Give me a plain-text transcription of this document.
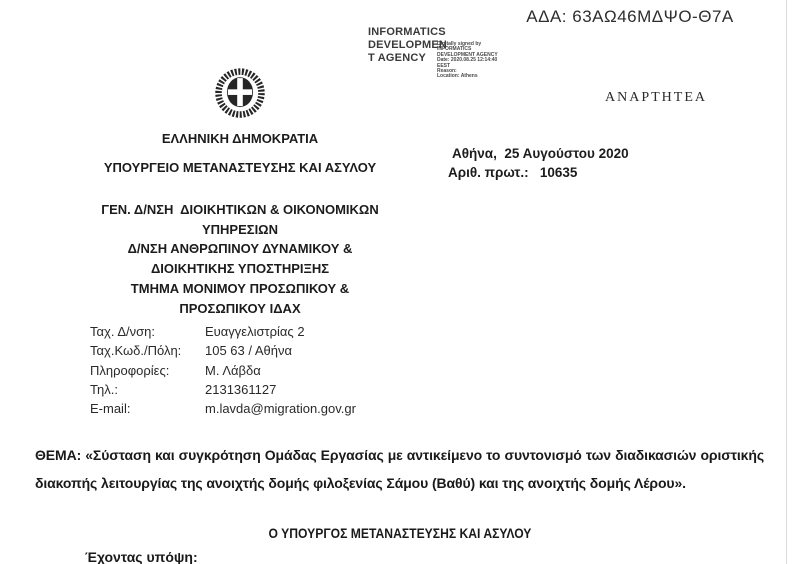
ΑΔΑ: 63ΑΩ46ΜΔΨΟ-Θ7Α
INFORMATICS
DEVELOPMEN
T AGENCY
Digitally signed by
INFORMATICS
DEVELOPMENT AGENCY
Date: 2020.08.25 12:14:40
EEST
Reason:
Location: Athens
ΑΝΑΡΤΗΤΕΑ
ΕΛΛΗΝΙΚΗ ΔΗΜΟΚΡΑΤΙΑ
Αθήνα,  25 Αυγούστου 2020
Αριθ. πρωτ.:   10635
ΥΠΟΥΡΓΕΙΟ ΜΕΤΑΝΑΣΤΕΥΣΗΣ ΚΑΙ ΑΣΥΛΟΥ
ΓΕΝ. Δ/ΝΣΗ  ΔΙΟΙΚΗΤΙΚΩΝ & ΟΙΚΟΝΟΜΙΚΩΝ
ΥΠΗΡΕΣΙΩΝ
Δ/ΝΣΗ ΑΝΘΡΩΠΙΝΟΥ ΔΥΝΑΜΙΚΟΥ &
ΔΙΟΙΚΗΤΙΚΗΣ ΥΠΟΣΤΗΡΙΞΗΣ
ΤΜΗΜΑ ΜΟΝΙΜΟΥ ΠΡΟΣΩΠΙΚΟΥ &
ΠΡΟΣΩΠΙΚΟΥ ΙΔΑΧ
Ταχ. Δ/νση:	Ευαγγελιστρίας 2
Ταχ.Κωδ./Πόλη:	105 63 / Αθήνα
Πληροφορίες:	Μ. Λάβδα
Τηλ.:	2131361127
E-mail:	m.lavda@migration.gov.gr
ΘΕΜΑ: «Σύσταση και συγκρότηση Ομάδας Εργασίας με αντικείμενο το συντονισμό των διαδικασιών οριστικής διακοπής λειτουργίας της ανοιχτής δομής φιλοξενίας Σάμου (Βαθύ) και της ανοιχτής δομής Λέρου».
Ο ΥΠΟΥΡΓΟΣ ΜΕΤΑΝΑΣΤΕΥΣΗΣ ΚΑΙ ΑΣΥΛΟΥ
Έχοντας υπόψη:
